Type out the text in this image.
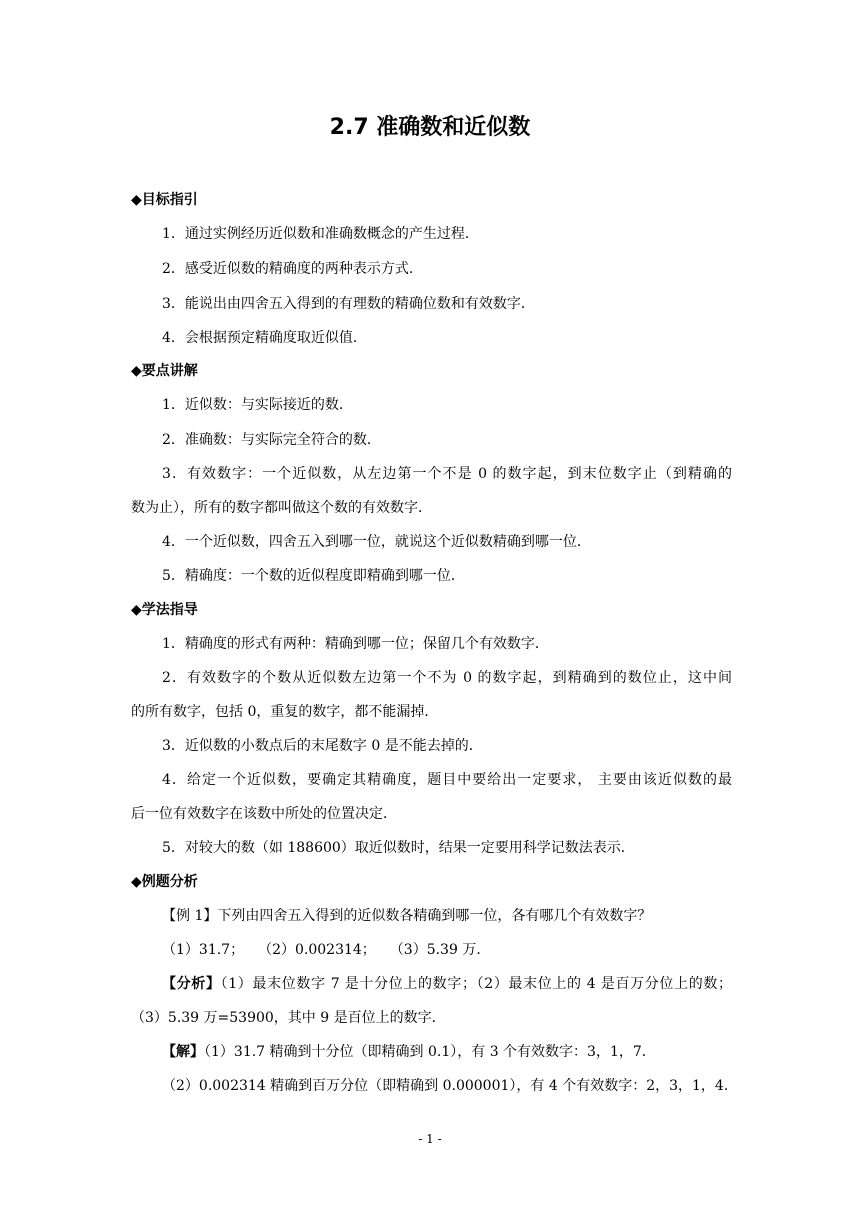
2.7 准确数和近似数
◆目标指引
1．通过实例经历近似数和准确数概念的产生过程．
2．感受近似数的精确度的两种表示方式．
3．能说出由四舍五入得到的有理数的精确位数和有效数字．
4．会根据预定精确度取近似值．
◆要点讲解
1．近似数：与实际接近的数．
2．准确数：与实际完全符合的数．
3．有效数字：一个近似数，从左边第一个不是 0 的数字起，到末位数字止（到精确的
数为止），所有的数字都叫做这个数的有效数字．
4．一个近似数，四舍五入到哪一位，就说这个近似数精确到哪一位．
5．精确度：一个数的近似程度即精确到哪一位．
◆学法指导
1．精确度的形式有两种：精确到哪一位；保留几个有效数字．
2．有效数字的个数从近似数左边第一个不为 0 的数字起，到精确到的数位止，这中间
的所有数字，包括 0，重复的数字，都不能漏掉．
3．近似数的小数点后的末尾数字 0 是不能去掉的．
4．给定一个近似数，要确定其精确度，题目中要给出一定要求， 主要由该近似数的最
后一位有效数字在该数中所处的位置决定．
5．对较大的数（如 188600）取近似数时，结果一定要用科学记数法表示．
◆例题分析
【例 1】下列由四舍五入得到的近似数各精确到哪一位，各有哪几个有效数字？
（1）31.7；　　（2）0.002314；　　（3）5.39 万．
【分析】（1）最末位数字 7 是十分位上的数字；（2）最末位上的 4 是百万分位上的数；
（3）5.39 万=53900，其中 9 是百位上的数字．
【解】（1）31.7 精确到十分位（即精确到 0.1），有 3 个有效数字：3，1，7．
（2）0.002314 精确到百万分位（即精确到 0.000001），有 4 个有效数字：2，3，1，4．
- 1 -
